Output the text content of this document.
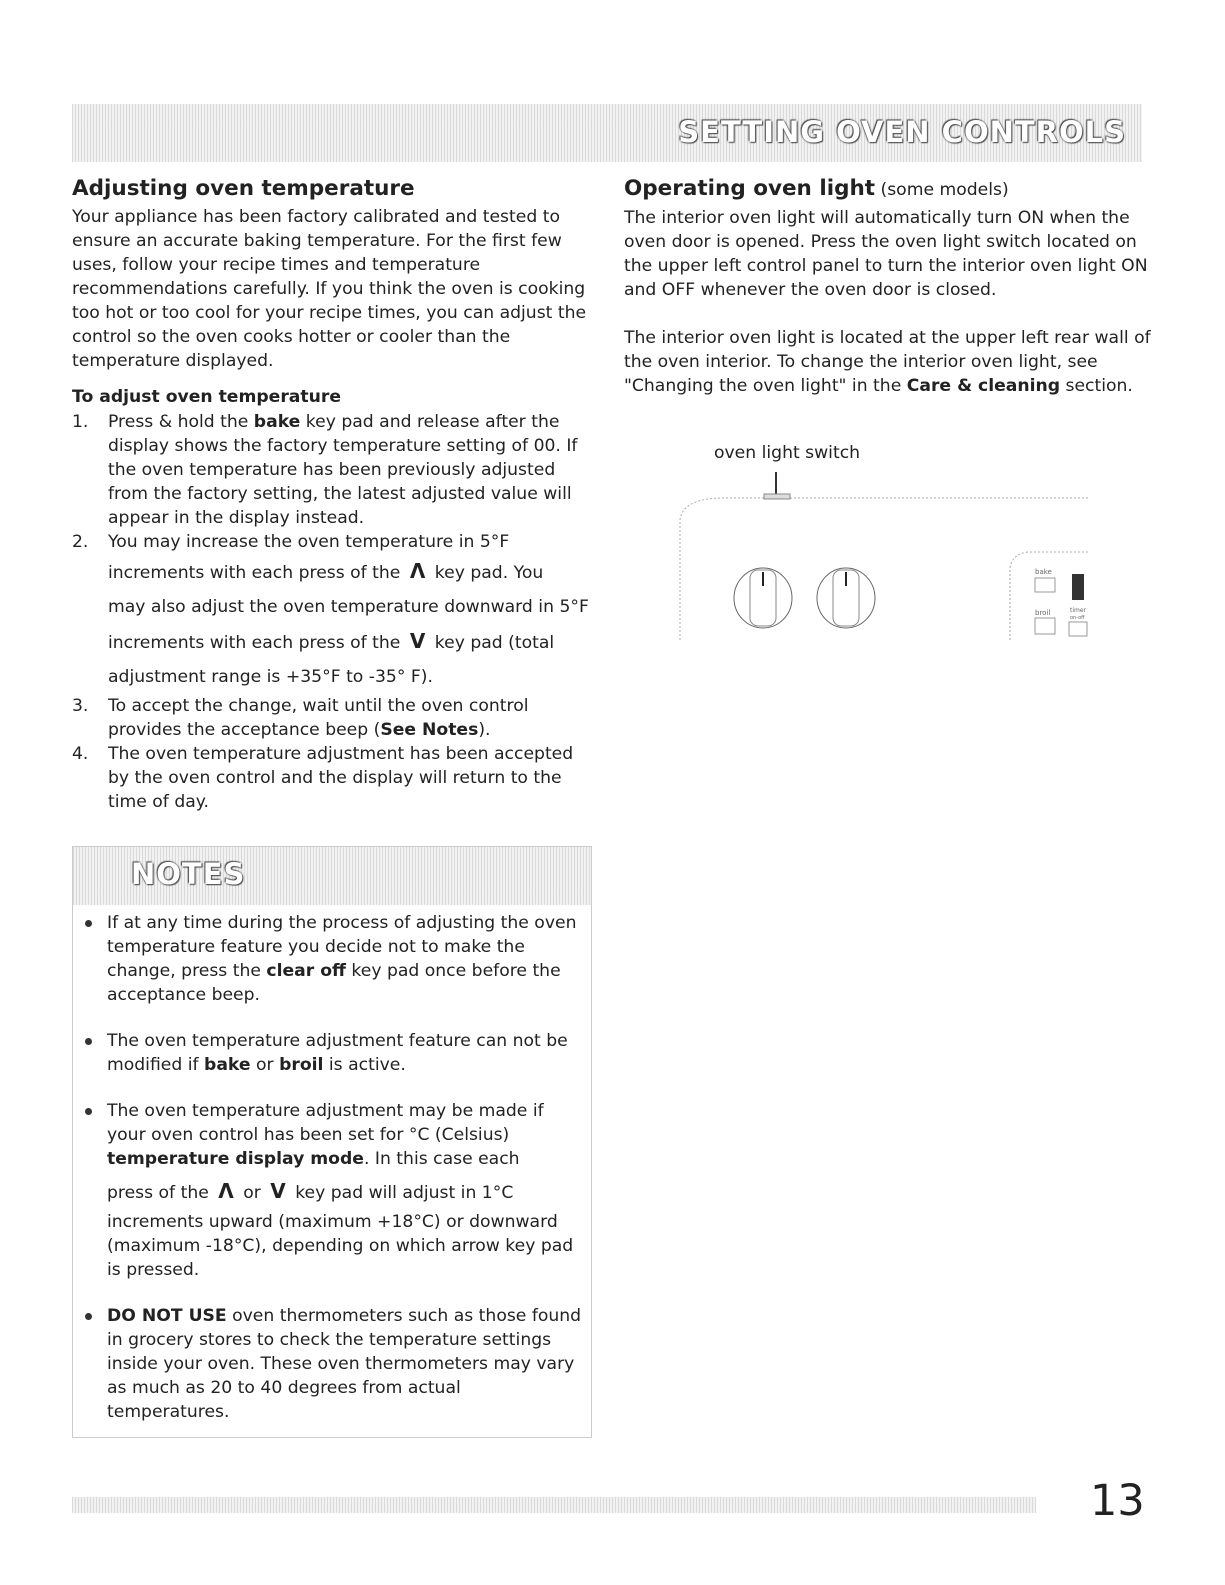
SETTING OVEN CONTROLS
Adjusting oven temperature

Your appliance has been factory calibrated and tested to ensure an accurate baking temperature. For the first few uses, follow your recipe times and temperature recommendations carefully. If you think the oven is cooking too hot or too cool for your recipe times, you can adjust the control so the oven cooks hotter or cooler than the temperature displayed.

To adjust oven temperature
1. Press & hold the bake key pad and release after the display shows the factory temperature setting of 00. If the oven temperature has been previously adjusted from the factory setting, the latest adjusted value will appear in the display instead.
2. You may increase the oven temperature in 5°F
increments with each press of the Λ key pad. You
may also adjust the oven temperature downward in 5°F
increments with each press of the V key pad (total
adjustment range is +35°F to -35° F).
3. To accept the change, wait until the oven control provides the acceptance beep (See Notes).
4. The oven temperature adjustment has been accepted by the oven control and the display will return to the time of day.
Operating oven light (some models)

The interior oven light will automatically turn ON when the oven door is opened. Press the oven light switch located on the upper left control panel to turn the interior oven light ON and OFF whenever the oven door is closed.

The interior oven light is located at the upper left rear wall of the oven interior. To change the interior oven light, see "Changing the oven light" in the Care & cleaning section.

oven light switch
bake
broil	timer
on-off
NOTES
If at any time during the process of adjusting the oven temperature feature you decide not to make the change, press the clear off key pad once before the acceptance beep.
The oven temperature adjustment feature can not be modified if bake or broil is active.
The oven temperature adjustment may be made if your oven control has been set for °C (Celsius) temperature display mode. In this case each
press of the Λ or V key pad will adjust in 1°C
increments upward (maximum +18°C) or downward (maximum -18°C), depending on which arrow key pad is pressed.
DO NOT USE oven thermometers such as those found in grocery stores to check the temperature settings inside your oven. These oven thermometers may vary as much as 20 to 40 degrees from actual temperatures.
13
